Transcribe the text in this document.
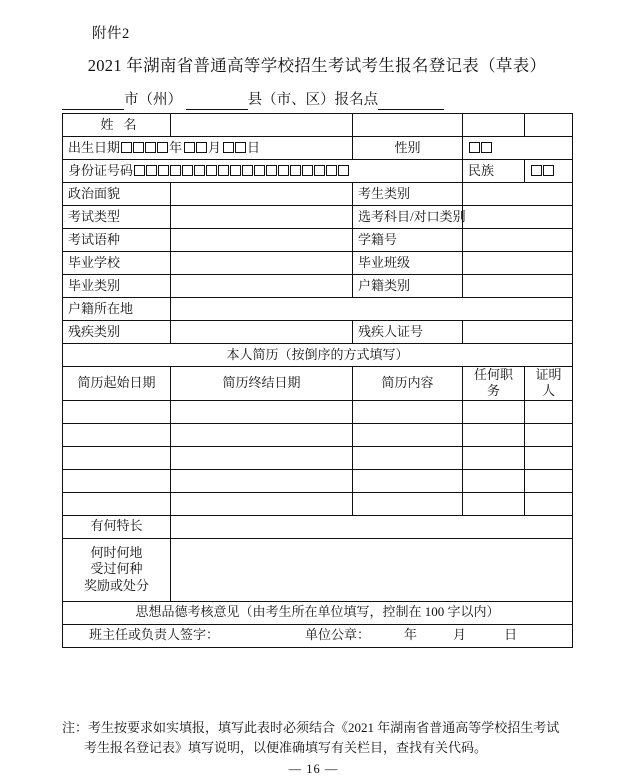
附件2
2021 年湖南省普通高等学校招生考试考生报名登记表（草表）
市（州）	县（市、区）报名点
姓名				
出生日期 年 月 日		性别		
身份证号码			民族	
政治面貌		考生类别		
考试类型		选考科目/对口类别		
考试语种		学籍号		
毕业学校		毕业班级		
毕业类别		户籍类别		
户籍所在地				
残疾类别		残疾人证号		
本人简历（按倒序的方式填写）				
简历起始日期	简历终结日期	简历内容	任何职务	证明人

有何特长				
何时何地
受过何种
奖励或处分				
思想品德考核意见（由考生所在单位填写，控制在 100 字以内）				

班主任或负责人签字： 单位公章： 年 月 日				
注：考生按要求如实填报，填写此表时必须结合《2021 年湖南省普通高等学校招生考试
考生报名登记表》填写说明，以便准确填写有关栏目，查找有关代码。
— 16 —
